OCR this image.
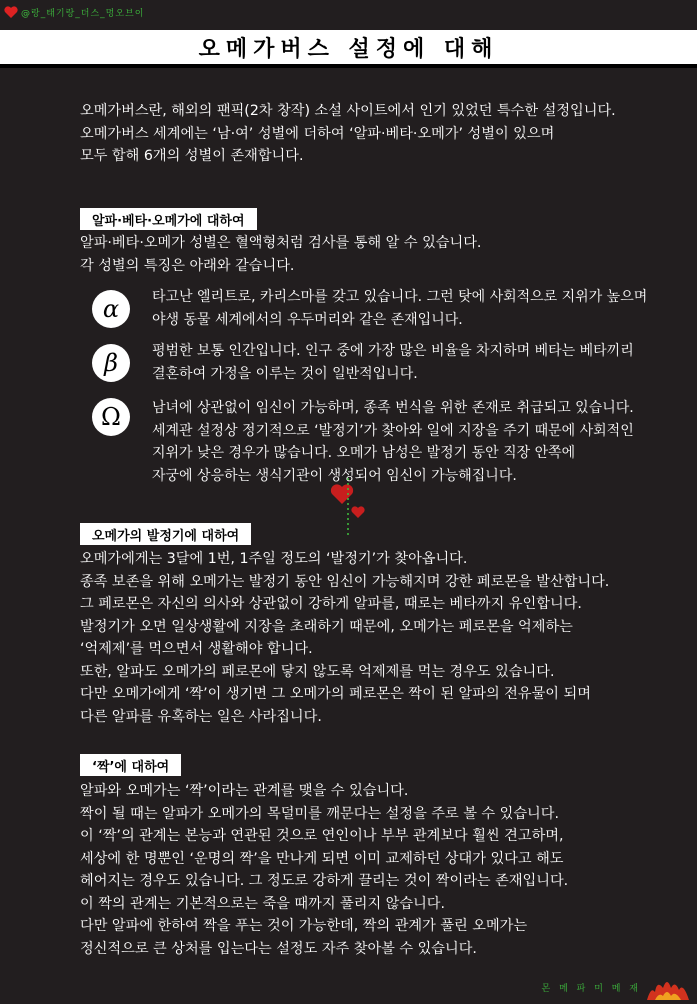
@랑_태기랑_더스_멍오브이
오메가버스 설정에 대해
오메가버스란, 해외의 팬픽(2차 창작) 소설 사이트에서 인기 있었던 특수한 설정입니다.
오메가버스 세계에는 ‘남·여’ 성별에 더하여 ‘알파·베타·오메가’ 성별이 있으며
모두 합해 6개의 성별이 존재합니다.
알파·베타·오메가에 대하여
알파·베타·오메가 성별은 혈액형처럼 검사를 통해 알 수 있습니다.
각 성별의 특징은 아래와 같습니다.
α	타고난 엘리트로, 카리스마를 갖고 있습니다. 그런 탓에 사회적으로 지위가 높으며
야생 동물 세계에서의 우두머리와 같은 존재입니다.
β	평범한 보통 인간입니다. 인구 중에 가장 많은 비율을 차지하며 베타는 베타끼리
결혼하여 가정을 이루는 것이 일반적입니다.
Ω	남녀에 상관없이 임신이 가능하며, 종족 번식을 위한 존재로 취급되고 있습니다.
세계관 설정상 정기적으로 ‘발정기’가 찾아와 일에 지장을 주기 때문에 사회적인
지위가 낮은 경우가 많습니다. 오메가 남성은 발정기 동안 직장 안쪽에
자궁에 상응하는 생식기관이 생성되어 임신이 가능해집니다.
오메가의 발정기에 대하여
오메가에게는 3달에 1번, 1주일 정도의 ‘발정기’가 찾아옵니다.
종족 보존을 위해 오메가는 발정기 동안 임신이 가능해지며 강한 페로몬을 발산합니다.
그 페로몬은 자신의 의사와 상관없이 강하게 알파를, 때로는 베타까지 유인합니다.
발정기가 오면 일상생활에 지장을 초래하기 때문에, 오메가는 페로몬을 억제하는
‘억제제’를 먹으면서 생활해야 합니다.
또한, 알파도 오메가의 페로몬에 닿지 않도록 억제제를 먹는 경우도 있습니다.
다만 오메가에게 ‘짝’이 생기면 그 오메가의 페로몬은 짝이 된 알파의 전유물이 되며
다른 알파를 유혹하는 일은 사라집니다.
‘짝’에 대하여
알파와 오메가는 ‘짝’이라는 관계를 맺을 수 있습니다.
짝이 될 때는 알파가 오메가의 목덜미를 깨문다는 설정을 주로 볼 수 있습니다.
이 ‘짝’의 관계는 본능과 연관된 것으로 연인이나 부부 관계보다 훨씬 견고하며,
세상에 한 명뿐인 ‘운명의 짝’을 만나게 되면 이미 교제하던 상대가 있다고 해도
헤어지는 경우도 있습니다. 그 정도로 강하게 끌리는 것이 짝이라는 존재입니다.
이 짝의 관계는 기본적으로는 죽을 때까지 풀리지 않습니다.
다만 알파에 한하여 짝을 푸는 것이 가능한데, 짝의 관계가 풀린 오메가는
정신적으로 큰 상처를 입는다는 설정도 자주 찾아볼 수 있습니다.
몬 메 파 미 메 재
